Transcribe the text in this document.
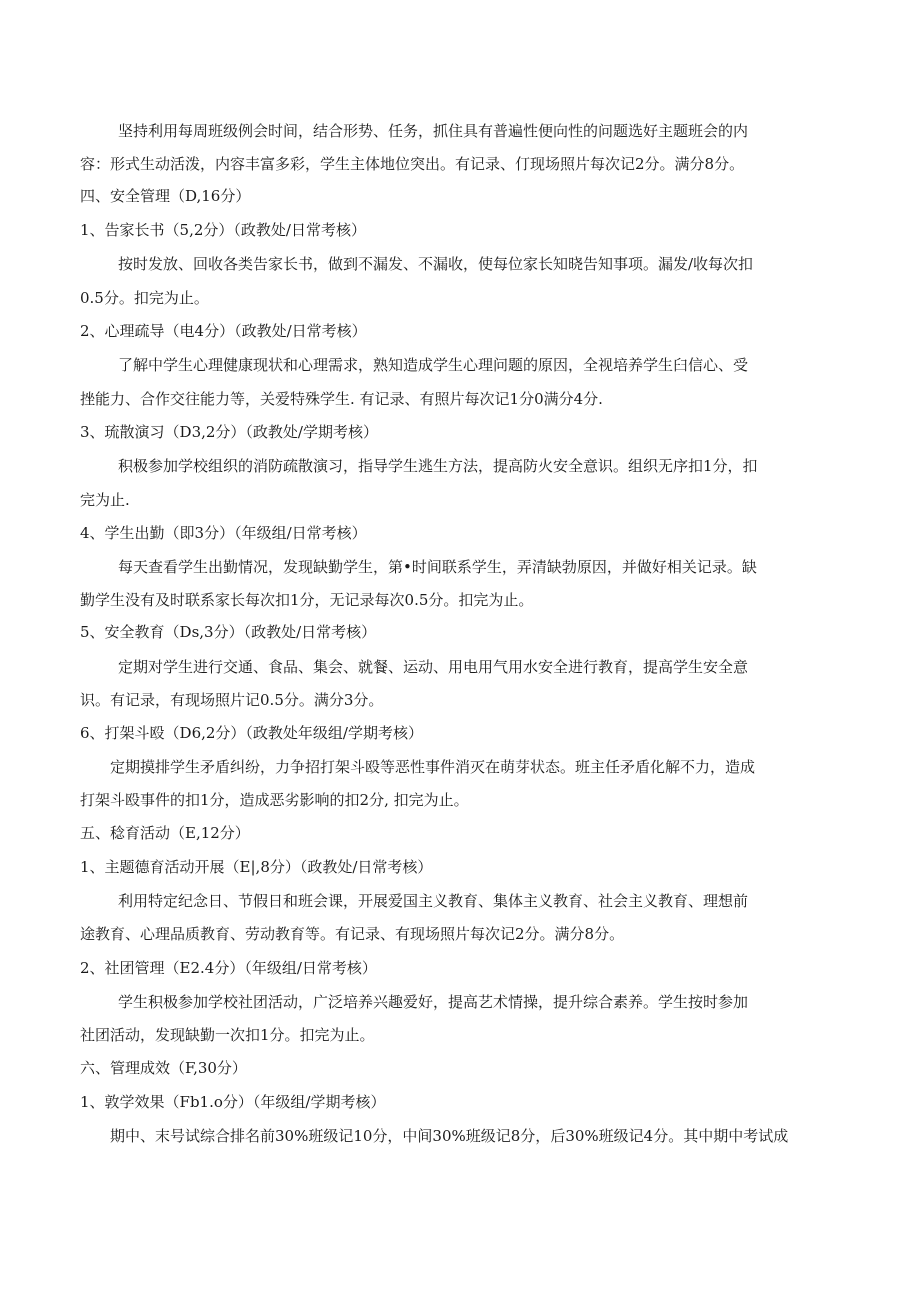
坚持利用每周班级例会时间，结合形势、任务，抓住具有普遍性便向性的问题选好主题班会的内

容：形式生动活泼，内容丰富多彩，学生主体地位突出。有记录、仃现场照片每次记2分。满分8分。

四、安全管理（D,16分）

1、告家长书（5,2分）（政教处/日常考核）

按时发放、回收各类告家长书，做到不漏发、不漏收，使每位家长知晓告知事项。漏发/收每次扣

0.5分。扣完为止。

2、心理疏导（电4分）（政教处/日常考核）

了解中学生心理健康现状和心理需求，熟知造成学生心理问题的原因，全视培养学生臼信心、受

挫能力、合作交往能力等，关爱特殊学生. 有记录、有照片每次记1分0满分4分.

3、琉散演习（D3,2分）（政教处/学期考核）

积极参加学校组织的消防疏散演习，指导学生逃生方法，提高防火安全意识。组织无序扣1分，扣

完为止.

4、学生出勤（即3分）（年级组/日常考核）

每天查看学生出勤情况，发现缺勤学生，第•时间联系学生，弄清缺勃原因，并做好相关记录。缺

勤学生没有及时联系家长每次扣1分，无记录每次0.5分。扣完为止。

5、安全教育（Ds,3分）（政教处/日常考核）

定期对学生进行交通、食品、集会、就餐、运动、用电用气用水安全进行教育，提高学生安全意

识。有记录，有现场照片记0.5分。满分3分。

6、打架斗殴（D6,2分）（政教处年级组/学期考核）

定期摸排学生矛盾纠纷，力争招打架斗殴等恶性事件消灭在萌芽状态。班主任矛盾化解不力，造成

打架斗殴事件的扣1分，造成恶劣影响的扣2分, 扣完为止。

五、稔育活动（E,12分）

1、主题德育活动开展（E|,8分）（政教处/日常考核）

利用特定纪念日、节假日和班会课，开展爱国主义教育、集体主义教育、社会主义教育、理想前

途教育、心理品质教育、劳动教育等。有记录、有现场照片每次记2分。满分8分。

2、社团管理（E2.4分）（年级组/日常考核）

学生积极参加学校社团活动，广泛培养兴趣爱好，提高艺术情操，提升综合素养。学生按时参加

社团活动，发现缺勤一次扣1分。扣完为止。

六、管理成效（F,30分）

1、敦学效果（Fb1.o分）（年级组/学期考核）

期中、末号试综合排名前30%班级记10分，中间30%班级记8分，后30%班级记4分。其中期中考试成
